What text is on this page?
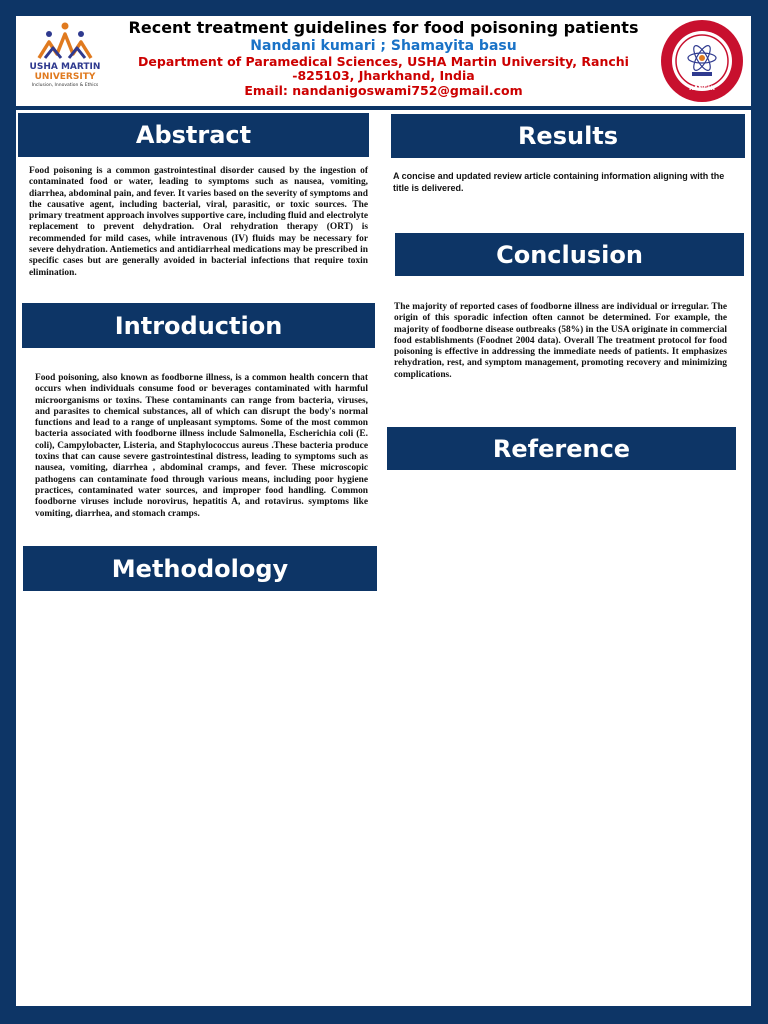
USHA MARTIN
UNIVERSITY
Inclusion, Innovation & Ethics
Recent treatment guidelines for food poisoning patients
Nandani kumari ; Shamayita basu
Department of Paramedical Sciences, USHA Martin University, Ranchi -825103, Jharkhand, India
Email: nandanigoswami752@gmail.com	RANCHI
Abstract

Food poisoning is a common gastrointestinal disorder caused by the ingestion of contaminated food or water, leading to symptoms such as nausea, vomiting, diarrhea, abdominal pain, and fever. It varies based on the severity of symptoms and the causative agent, including bacterial, viral, parasitic, or toxic sources. The primary treatment approach involves supportive care, including fluid and electrolyte replacement to prevent dehydration. Oral rehydration therapy (ORT) is recommended for mild cases, while intravenous (IV) fluids may be necessary for severe dehydration. Antiemetics and antidiarrheal medications may be prescribed in specific cases but are generally avoided in bacterial infections that require toxin elimination.

Introduction

Food poisoning, also known as foodborne illness, is a common health concern that occurs when individuals consume food or beverages contaminated with harmful microorganisms or toxins. These contaminants can range from bacteria, viruses, and parasites to chemical substances, all of which can disrupt the body's normal functions and lead to a range of unpleasant symptoms. Some of the most common bacteria associated with foodborne illness include Salmonella, Escherichia coli (E. coli), Campylobacter, Listeria, and Staphylococcus aureus .These bacteria produce toxins that can cause severe gastrointestinal distress, leading to symptoms such as nausea, vomiting, diarrhea , abdominal cramps, and fever. These microscopic pathogens can contaminate food through various means, including poor hygiene practices, contaminated water sources, and improper food handling. Common foodborne viruses include norovirus, hepatitis A, and rotavirus. symptoms like vomiting, diarrhea, and stomach cramps.

Methodology
Results

A concise and updated review article containing information aligning with the title is delivered.

Conclusion

The majority of reported cases of foodborne illness are individual or irregular. The origin of this sporadic infection often cannot be determined. For example, the majority of foodborne disease outbreaks (58%) in the USA originate in commercial food establishments (Foodnet 2004 data). Overall The treatment protocol for food poisoning is effective in addressing the immediate needs of patients. It emphasizes rehydration, rest, and symptom management, promoting recovery and minimizing complications.

Reference
